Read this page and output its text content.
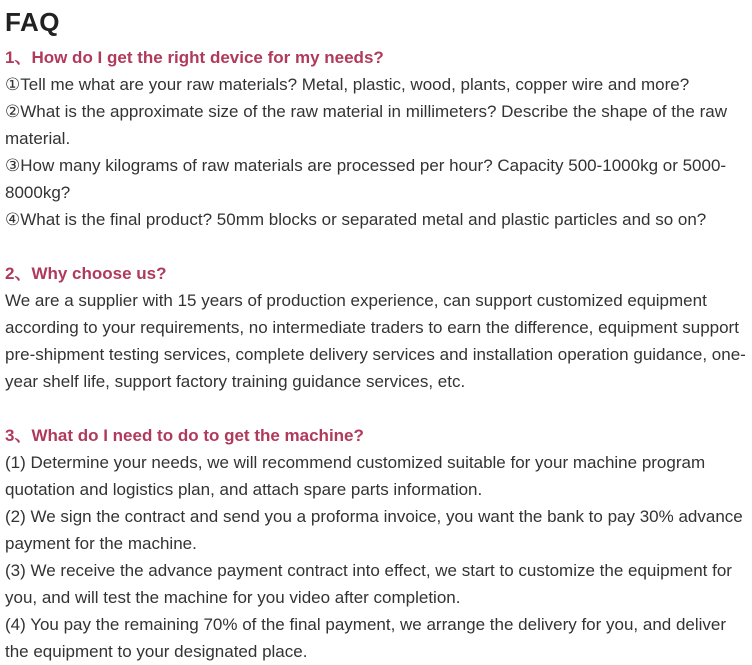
FAQ

1、How do I get the right device for my needs?

①Tell me what are your raw materials? Metal, plastic, wood, plants, copper wire and more?

②What is the approximate size of the raw material in millimeters? Describe the shape of the raw material.

③How many kilograms of raw materials are processed per hour? Capacity 500-1000kg or 5000-8000kg?

④What is the final product? 50mm blocks or separated metal and plastic particles and so on?

2、Why choose us?

We are a supplier with 15 years of production experience, can support customized equipment according to your requirements, no intermediate traders to earn the difference, equipment support pre-shipment testing services, complete delivery services and installation operation guidance, one-year shelf life, support factory training guidance services, etc.

3、What do I need to do to get the machine?

(1) Determine your needs, we will recommend customized suitable for your machine program quotation and logistics plan, and attach spare parts information.

(2) We sign the contract and send you a proforma invoice, you want the bank to pay 30% advance payment for the machine.

(3) We receive the advance payment contract into effect, we start to customize the equipment for you, and will test the machine for you video after completion.

(4) You pay the remaining 70% of the final payment, we arrange the delivery for you, and deliver the equipment to your designated place.
